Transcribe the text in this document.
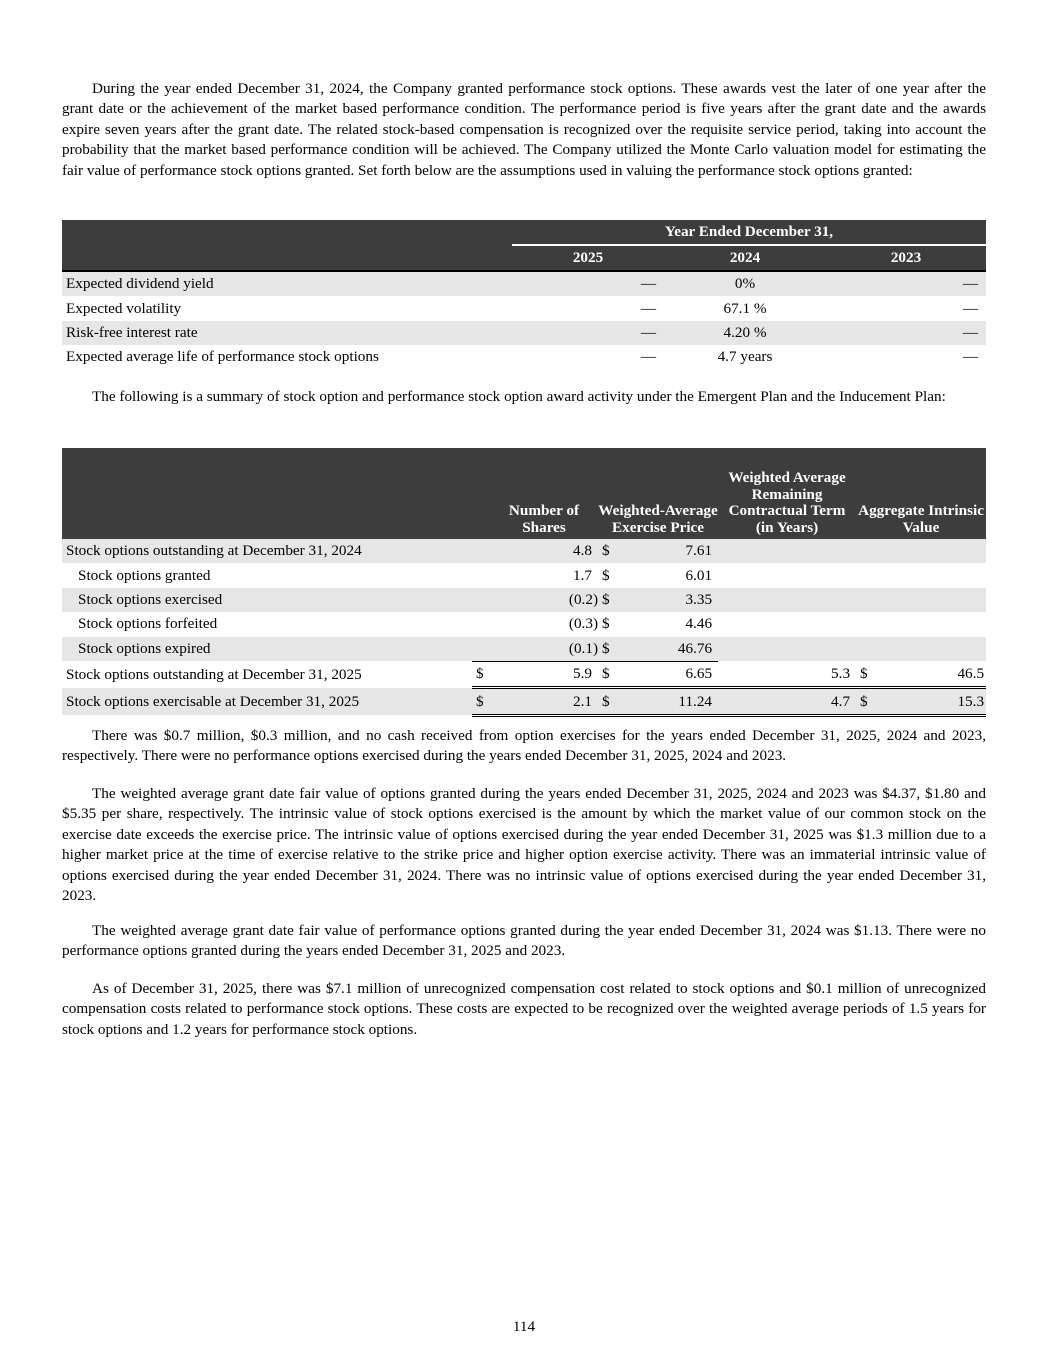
During the year ended December 31, 2024, the Company granted performance stock options. These awards vest the later of one year after the grant date or the achievement of the market based performance condition. The performance period is five years after the grant date and the awards expire seven years after the grant date. The related stock-based compensation is recognized over the requisite service period, taking into account the probability that the market based performance condition will be achieved. The Company utilized the Monte Carlo valuation model for estimating the fair value of performance stock options granted. Set forth below are the assumptions used in valuing the performance stock options granted:

	Year Ended December 31,		
	2025	2024	2023
Expected dividend yield	—	0%	—
Expected volatility	—	67.1 %	—
Risk-free interest rate	—	4.20 %	—
Expected average life of performance stock options	—	4.7 years	—

The following is a summary of stock option and performance stock option award activity under the Emergent Plan and the Inducement Plan:

	Number of Shares		Weighted-Average Exercise Price		Weighted Average Remaining Contractual Term (in Years)	Aggregate Intrinsic Value	
Stock options outstanding at December 31, 2024		4.8	$	7.61			
Stock options granted		1.7	$	6.01			
Stock options exercised		(0.2)	$	3.35			
Stock options forfeited		(0.3)	$	4.46			
Stock options expired		(0.1)	$	46.76			
Stock options outstanding at December 31, 2025	$	5.9	$	6.65	5.3	$	46.5
Stock options exercisable at December 31, 2025	$	2.1	$	11.24	4.7	$	15.3

There was $0.7 million, $0.3 million, and no cash received from option exercises for the years ended December 31, 2025, 2024 and 2023, respectively. There were no performance options exercised during the years ended December 31, 2025, 2024 and 2023.

The weighted average grant date fair value of options granted during the years ended December 31, 2025, 2024 and 2023 was $4.37, $1.80 and $5.35 per share, respectively. The intrinsic value of stock options exercised is the amount by which the market value of our common stock on the exercise date exceeds the exercise price. The intrinsic value of options exercised during the year ended December 31, 2025 was $1.3 million due to a higher market price at the time of exercise relative to the strike price and higher option exercise activity. There was an immaterial intrinsic value of options exercised during the year ended December 31, 2024. There was no intrinsic value of options exercised during the year ended December 31, 2023.

The weighted average grant date fair value of performance options granted during the year ended December 31, 2024 was $1.13. There were no performance options granted during the years ended December 31, 2025 and 2023.

As of December 31, 2025, there was $7.1 million of unrecognized compensation cost related to stock options and $0.1 million of unrecognized compensation costs related to performance stock options. These costs are expected to be recognized over the weighted average periods of 1.5 years for stock options and 1.2 years for performance stock options.

114
